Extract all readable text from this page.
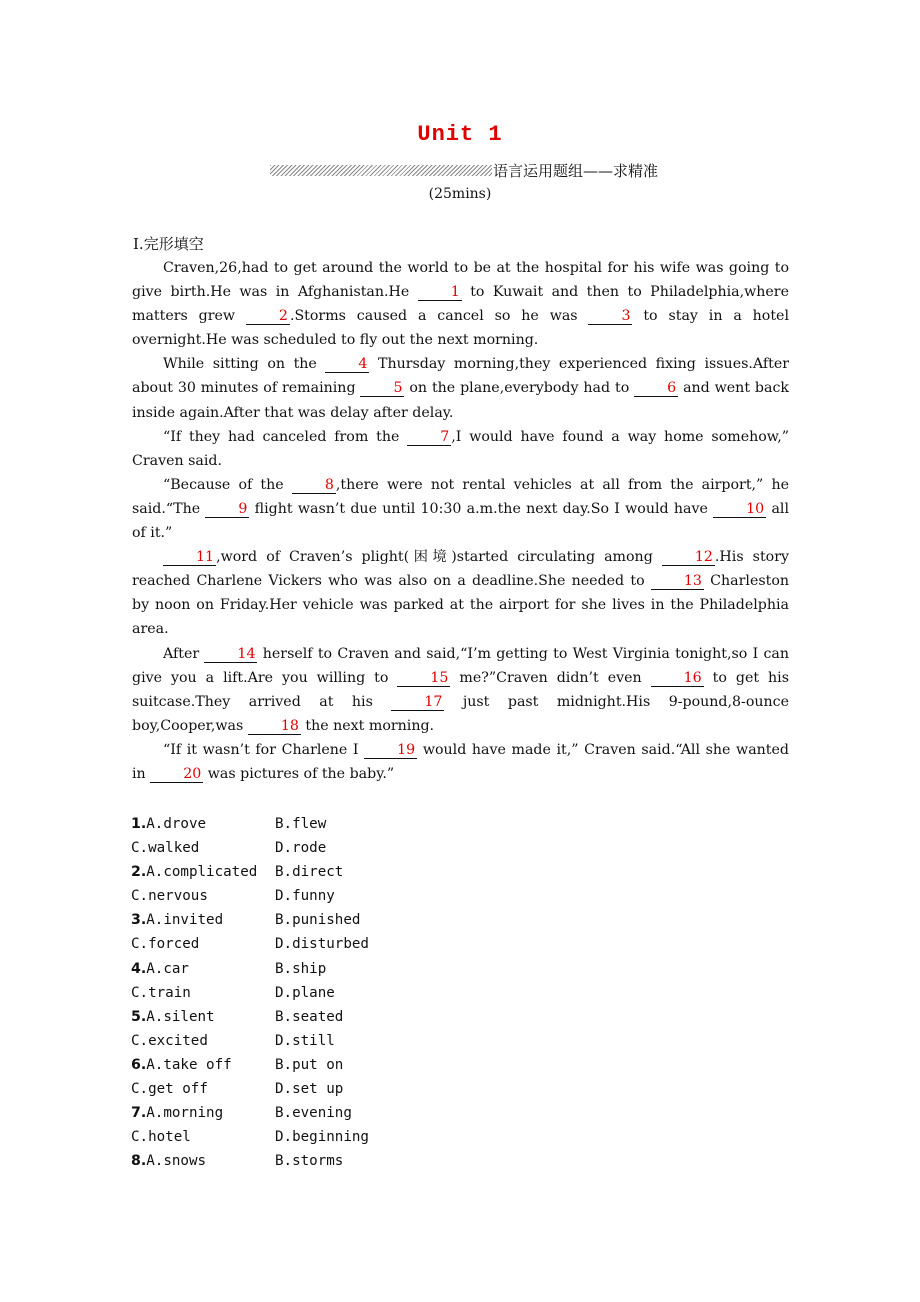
Unit 1
语言运用题组——求精准
(25mins)
Ⅰ.完形填空

Craven,26,had to get around the world to be at the hospital for his wife was going to give birth.He was in Afghanistan.He 1 to Kuwait and then to Philadelphia,where matters grew 2 .Storms caused a cancel so he was 3 to stay in a hotel overnight.He was scheduled to fly out the next morning.

While sitting on the 4 Thursday morning,they experienced fixing issues.After about 30 minutes of remaining 5 on the plane,everybody had to 6 and went back inside again.After that was delay after delay.

“If they had canceled from the 7 ,I would have found a way home somehow,” Craven said.

“Because of the 8 ,there were not rental vehicles at all from the airport,” he said.“The 9 flight wasn’t due until 10:30 a.m.the next day.So I would have 10 all of it.”

11 ,word of Craven’s plight(困境)started circulating among 12 .His story reached Charlene Vickers who was also on a deadline.She needed to 13 Charleston by noon on Friday.Her vehicle was parked at the airport for she lives in the Philadelphia area.

After 14 herself to Craven and said,“I’m getting to West Virginia tonight,so I can give you a lift.Are you willing to 15 me?”Craven didn’t even 16 to get his suitcase.They arrived at his 17 just past midnight.His 9-pound,8-ounce boy,Cooper,was 18 the next morning.

“If it wasn’t for Charlene I 19 would have made it,” Craven said.“All she wanted in 20 was pictures of the baby.”

1.A.drove	B.flew
C.walked	D.rode
2.A.complicated	B.direct
C.nervous	D.funny
3.A.invited	B.punished
C.forced	D.disturbed
4.A.car	B.ship
C.train	D.plane
5.A.silent	B.seated
C.excited	D.still
6.A.take off	B.put on
C.get off	D.set up
7.A.morning	B.evening
C.hotel	D.beginning
8.A.snows	B.storms
